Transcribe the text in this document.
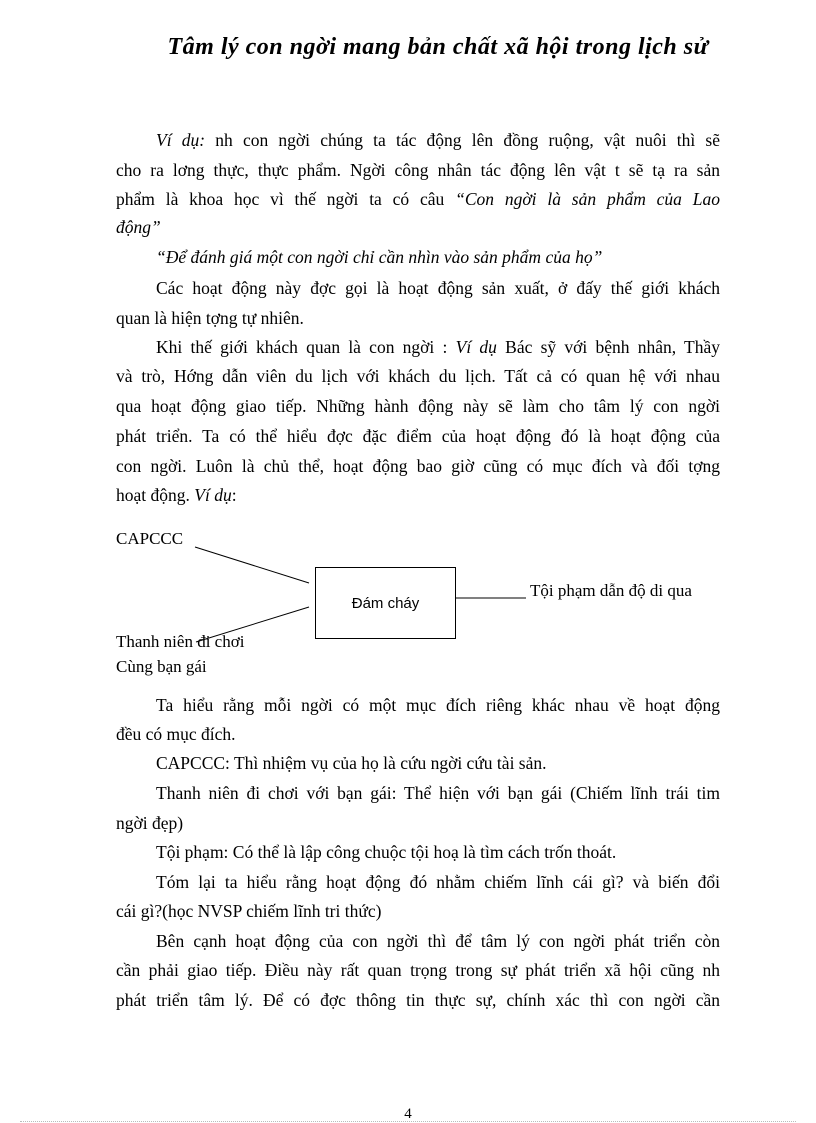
Tâm lý con ngời mang bản chất xã hội trong lịch sử
Ví dụ: nh con ngời chúng ta tác động lên đồng ruộng, vật nuôi thì sẽ
cho ra lơng thực, thực phẩm. Ngời công nhân tác động lên vật t sẽ tạ ra sản
phẩm là khoa học vì thế ngời ta có câu “Con ngời là sản phẩm của Lao
động”
“Để đánh giá một con ngời chỉ cần nhìn vào sản phẩm của họ”
Các hoạt động này đợc gọi là hoạt động sản xuất, ở đấy thế giới khách
quan là hiện tợng tự nhiên.
Khi thế giới khách quan là con ngời : Ví dụ Bác sỹ với bệnh nhân, Thầy
và trò, Hớng dẫn viên du lịch với khách du lịch. Tất cả có quan hệ với nhau
qua hoạt động giao tiếp. Những hành động này sẽ làm cho tâm lý con ngời
phát triển. Ta có thể hiểu đợc đặc điểm của hoạt động đó là hoạt động của
con ngời. Luôn là chủ thể, hoạt động bao giờ cũng có mục đích và đối tợng
hoạt động. Ví dụ:
CAPCCC
Đám cháy
Tội phạm dẫn độ di qua
Thanh niên đi chơi
Cùng bạn gái
Ta hiểu rằng mỗi ngời có một mục đích riêng khác nhau về hoạt động
đều có mục đích.
CAPCCC: Thì nhiệm vụ của họ là cứu ngời cứu tài sản.
Thanh niên đi chơi với bạn gái: Thể hiện với bạn gái (Chiếm lĩnh trái tim
ngời đẹp)
Tội phạm: Có thể là lập công chuộc tội hoạ là tìm cách trốn thoát.
Tóm lại ta hiểu rằng hoạt động đó nhằm chiếm lĩnh cái gì? và biến đổi
cái gì?(học NVSP chiếm lĩnh tri thức)
Bên cạnh hoạt động của con ngời thì để tâm lý con ngời phát triển còn
cần phải giao tiếp. Điều này rất quan trọng trong sự phát triển xã hội cũng nh
phát triển tâm lý. Để có đợc thông tin thực sự, chính xác thì con ngời cần
4
